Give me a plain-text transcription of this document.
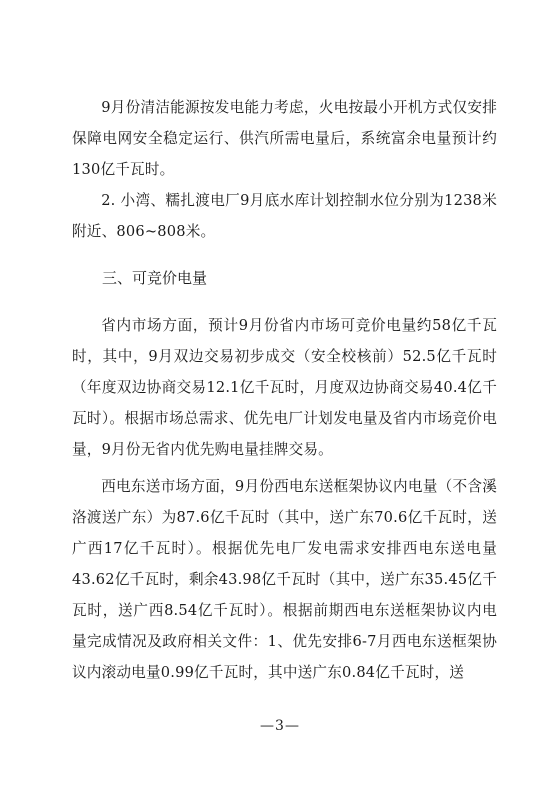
9月份清洁能源按发电能力考虑，火电按最小开机方式仅安排保障电网安全稳定运行、供汽所需电量后，系统富余电量预计约130亿千瓦时。

2. 小湾、糯扎渡电厂9月底水库计划控制水位分别为1238米附近、806~808米。

三、可竞价电量

省内市场方面，预计9月份省内市场可竞价电量约58亿千瓦时，其中，9月双边交易初步成交（安全校核前）52.5亿千瓦时（年度双边协商交易12.1亿千瓦时，月度双边协商交易40.4亿千瓦时）。根据市场总需求、优先电厂计划发电量及省内市场竞价电量，9月份无省内优先购电量挂牌交易。

西电东送市场方面，9月份西电东送框架协议内电量（不含溪洛渡送广东）为87.6亿千瓦时（其中，送广东70.6亿千瓦时，送广西17亿千瓦时）。根据优先电厂发电需求安排西电东送电量43.62亿千瓦时，剩余43.98亿千瓦时（其中，送广东35.45亿千瓦时，送广西8.54亿千瓦时）。根据前期西电东送框架协议内电量完成情况及政府相关文件：1、优先安排6-7月西电东送框架协议内滚动电量0.99亿千瓦时，其中送广东0.84亿千瓦时，送

—3—
